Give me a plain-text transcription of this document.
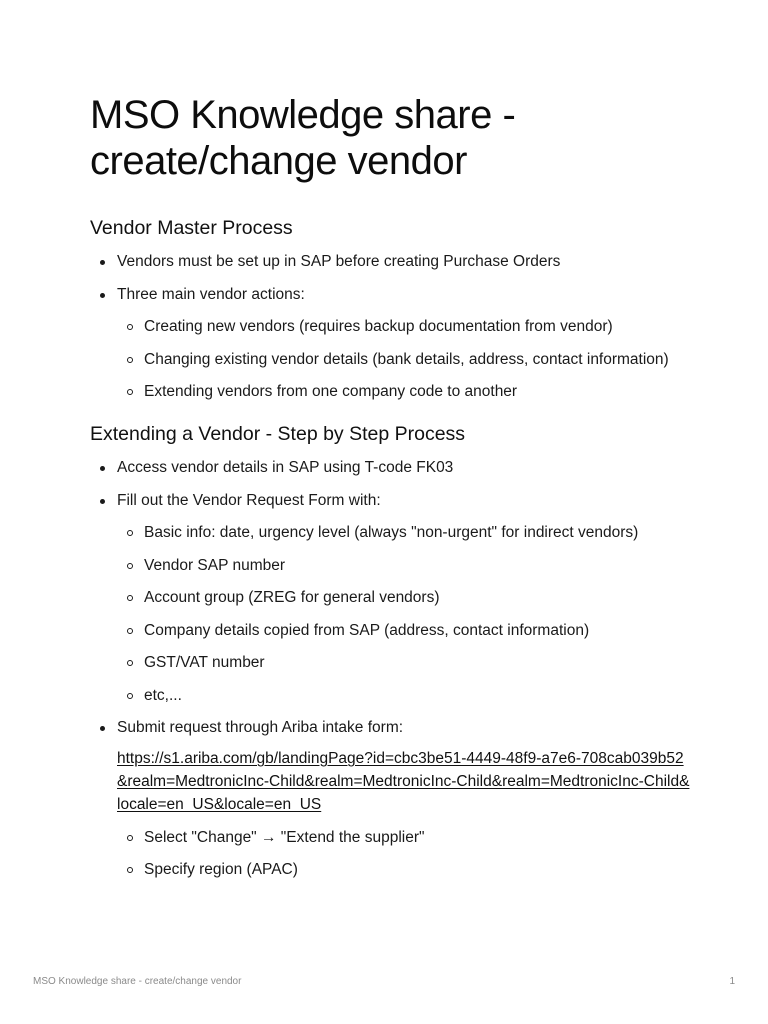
MSO Knowledge share - create/change vendor
Vendor Master Process
Vendors must be set up in SAP before creating Purchase Orders
Three main vendor actions:
Creating new vendors (requires backup documentation from vendor)
Changing existing vendor details (bank details, address, contact information)
Extending vendors from one company code to another
Extending a Vendor - Step by Step Process
Access vendor details in SAP using T-code FK03
Fill out the Vendor Request Form with:
Basic info: date, urgency level (always "non-urgent" for indirect vendors)
Vendor SAP number
Account group (ZREG for general vendors)
Company details copied from SAP (address, contact information)
GST/VAT number
etc,...
Submit request through Ariba intake form:
https://s1.ariba.com/gb/landingPage?id=cbc3be51-4449-48f9-a7e6-708cab039b52&realm=MedtronicInc-Child&realm=MedtronicInc-Child&realm=MedtronicInc-Child&locale=en_US&locale=en_US
Select "Change" → "Extend the supplier"
Specify region (APAC)
MSO Knowledge share - create/change vendor	1
